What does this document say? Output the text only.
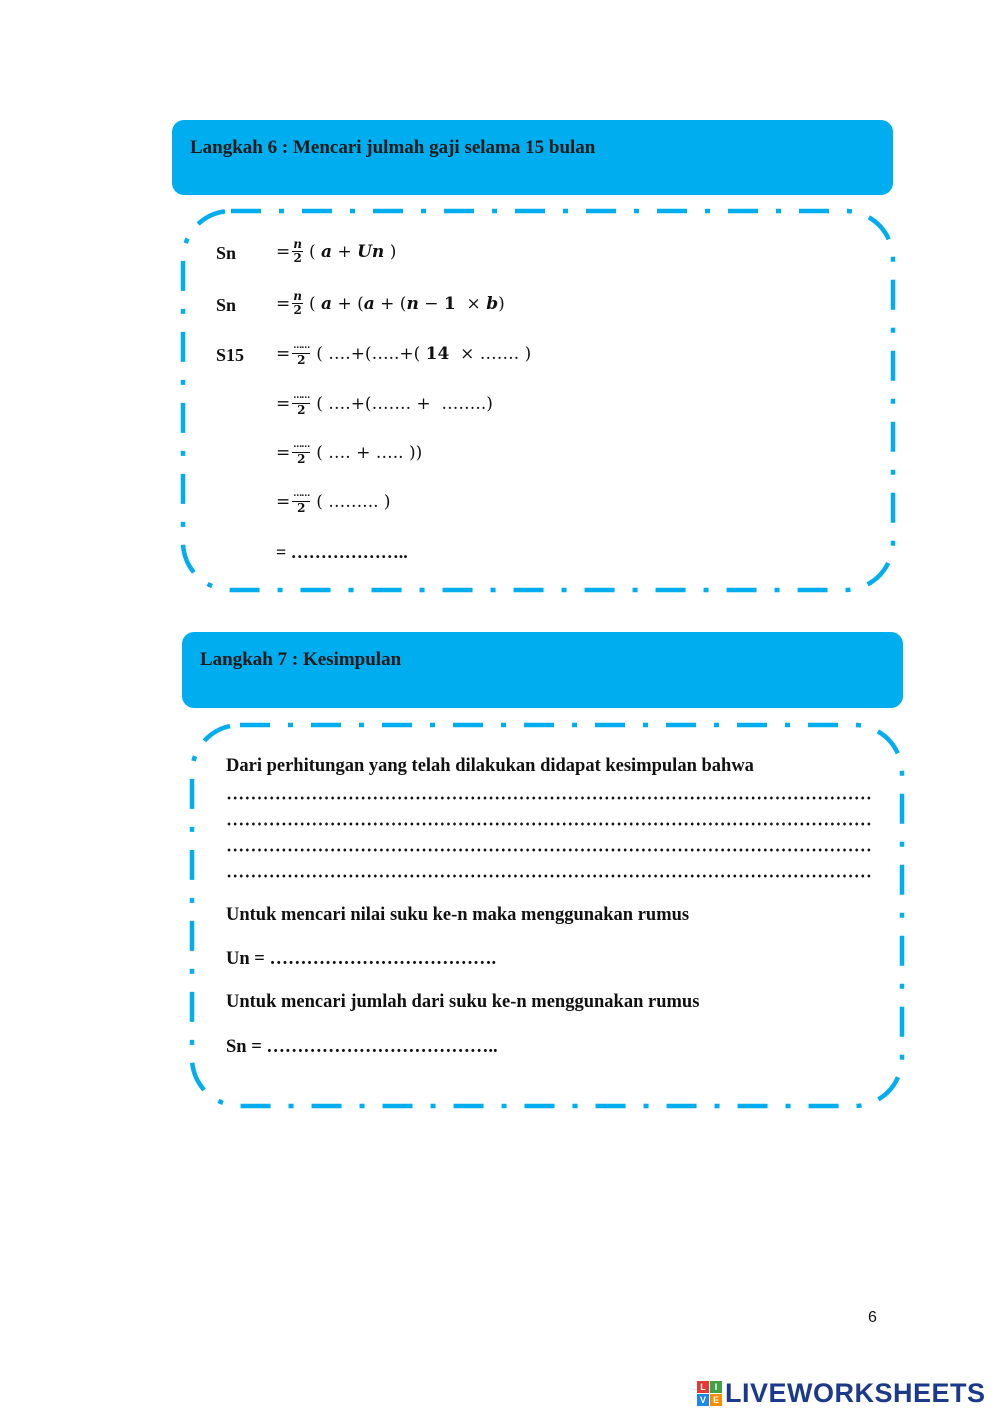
Langkah 6 : Mencari julmah gaji selama 15 bulan
$Sn = \frac{n}{2}$ ( a + Un )
$Sn = \frac{n}{2}$ ( a + (a + (n − 1  × b)
$S15 = \frac{\dots\dots}{2}$ ( ….+(…..+( 14  × ……. )
= $\frac{\dots\dots}{2}$ ( ….+(……. +  ……..)
= $\frac{\dots\dots}{2}$ ( …. + ….. ))
= $\frac{\dots\dots}{2}$ ( ……... )
= ………………..
Langkah 7 : Kesimpulan
Dari perhitungan yang telah dilakukan didapat kesimpulan bahwa
Untuk mencari nilai suku ke-n maka menggunakan rumus
Un = ……………………………….
Untuk mencari jumlah dari suku ke-n menggunakan rumus
Sn = ………………………………..
6
L I
V E LIVEWORKSHEETS
